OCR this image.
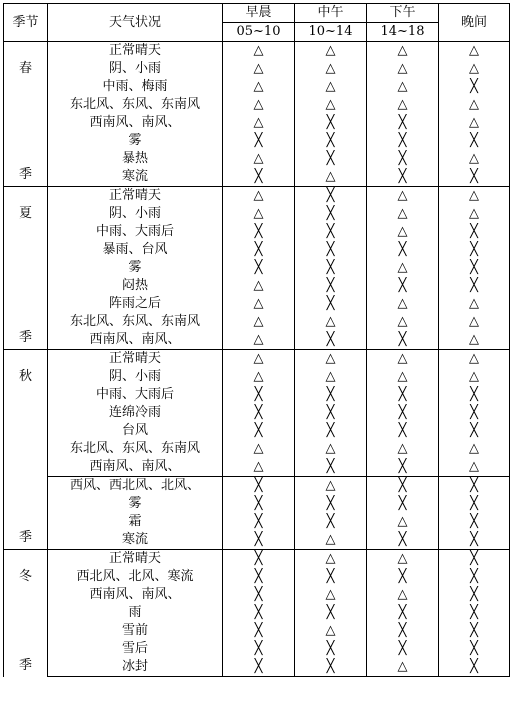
季节	天气状况	早晨	中午	下午	晚间
		05~10	10~14	14~18	

春
季	正常晴天	△	△	△	△
	阴、小雨	△	△	△	△
	中雨、梅雨	△	△	△	╳
	东北风、东风、东南风	△	△	△	△
	西南风、南风、	△	╳	╳	△
	雾	╳	╳	╳	╳
	暴热	△	╳	╳	△
	寒流	╳	△	╳	╳

夏
季	正常晴天	△	╳	△	△
	阴、小雨	△	╳	△	△
	中雨、大雨后	╳	╳	△	╳
	暴雨、台风	╳	╳	╳	╳
	雾	╳	╳	△	╳
	闷热	△	╳	╳	╳
	阵雨之后	△	╳	△	△
	东北风、东风、东南风	△	△	△	△
	西南风、南风、	△	╳	╳	△

秋
季	正常晴天	△	△	△	△
	阴、小雨	△	△	△	△
	中雨、大雨后	╳	╳	╳	╳
	连绵冷雨	╳	╳	╳	╳
	台风	╳	╳	╳	╳
	东北风、东风、东南风	△	△	△	△
	西南风、南风、	△	╳	╳	△
	西风、西北风、北风、	╳	△	╳	╳
	雾	╳	╳	╳	╳
	霜	╳	╳	△	╳
	寒流	╳	△	╳	╳

冬
季	正常晴天	╳	△	△	╳
	西北风、北风、寒流	╳	╳	╳	╳
	西南风、南风、	╳	△	△	╳
	雨	╳	╳	╳	╳
	雪前	╳	△	╳	╳
	雪后	╳	╳	╳	╳
	冰封	╳	╳	△	╳
